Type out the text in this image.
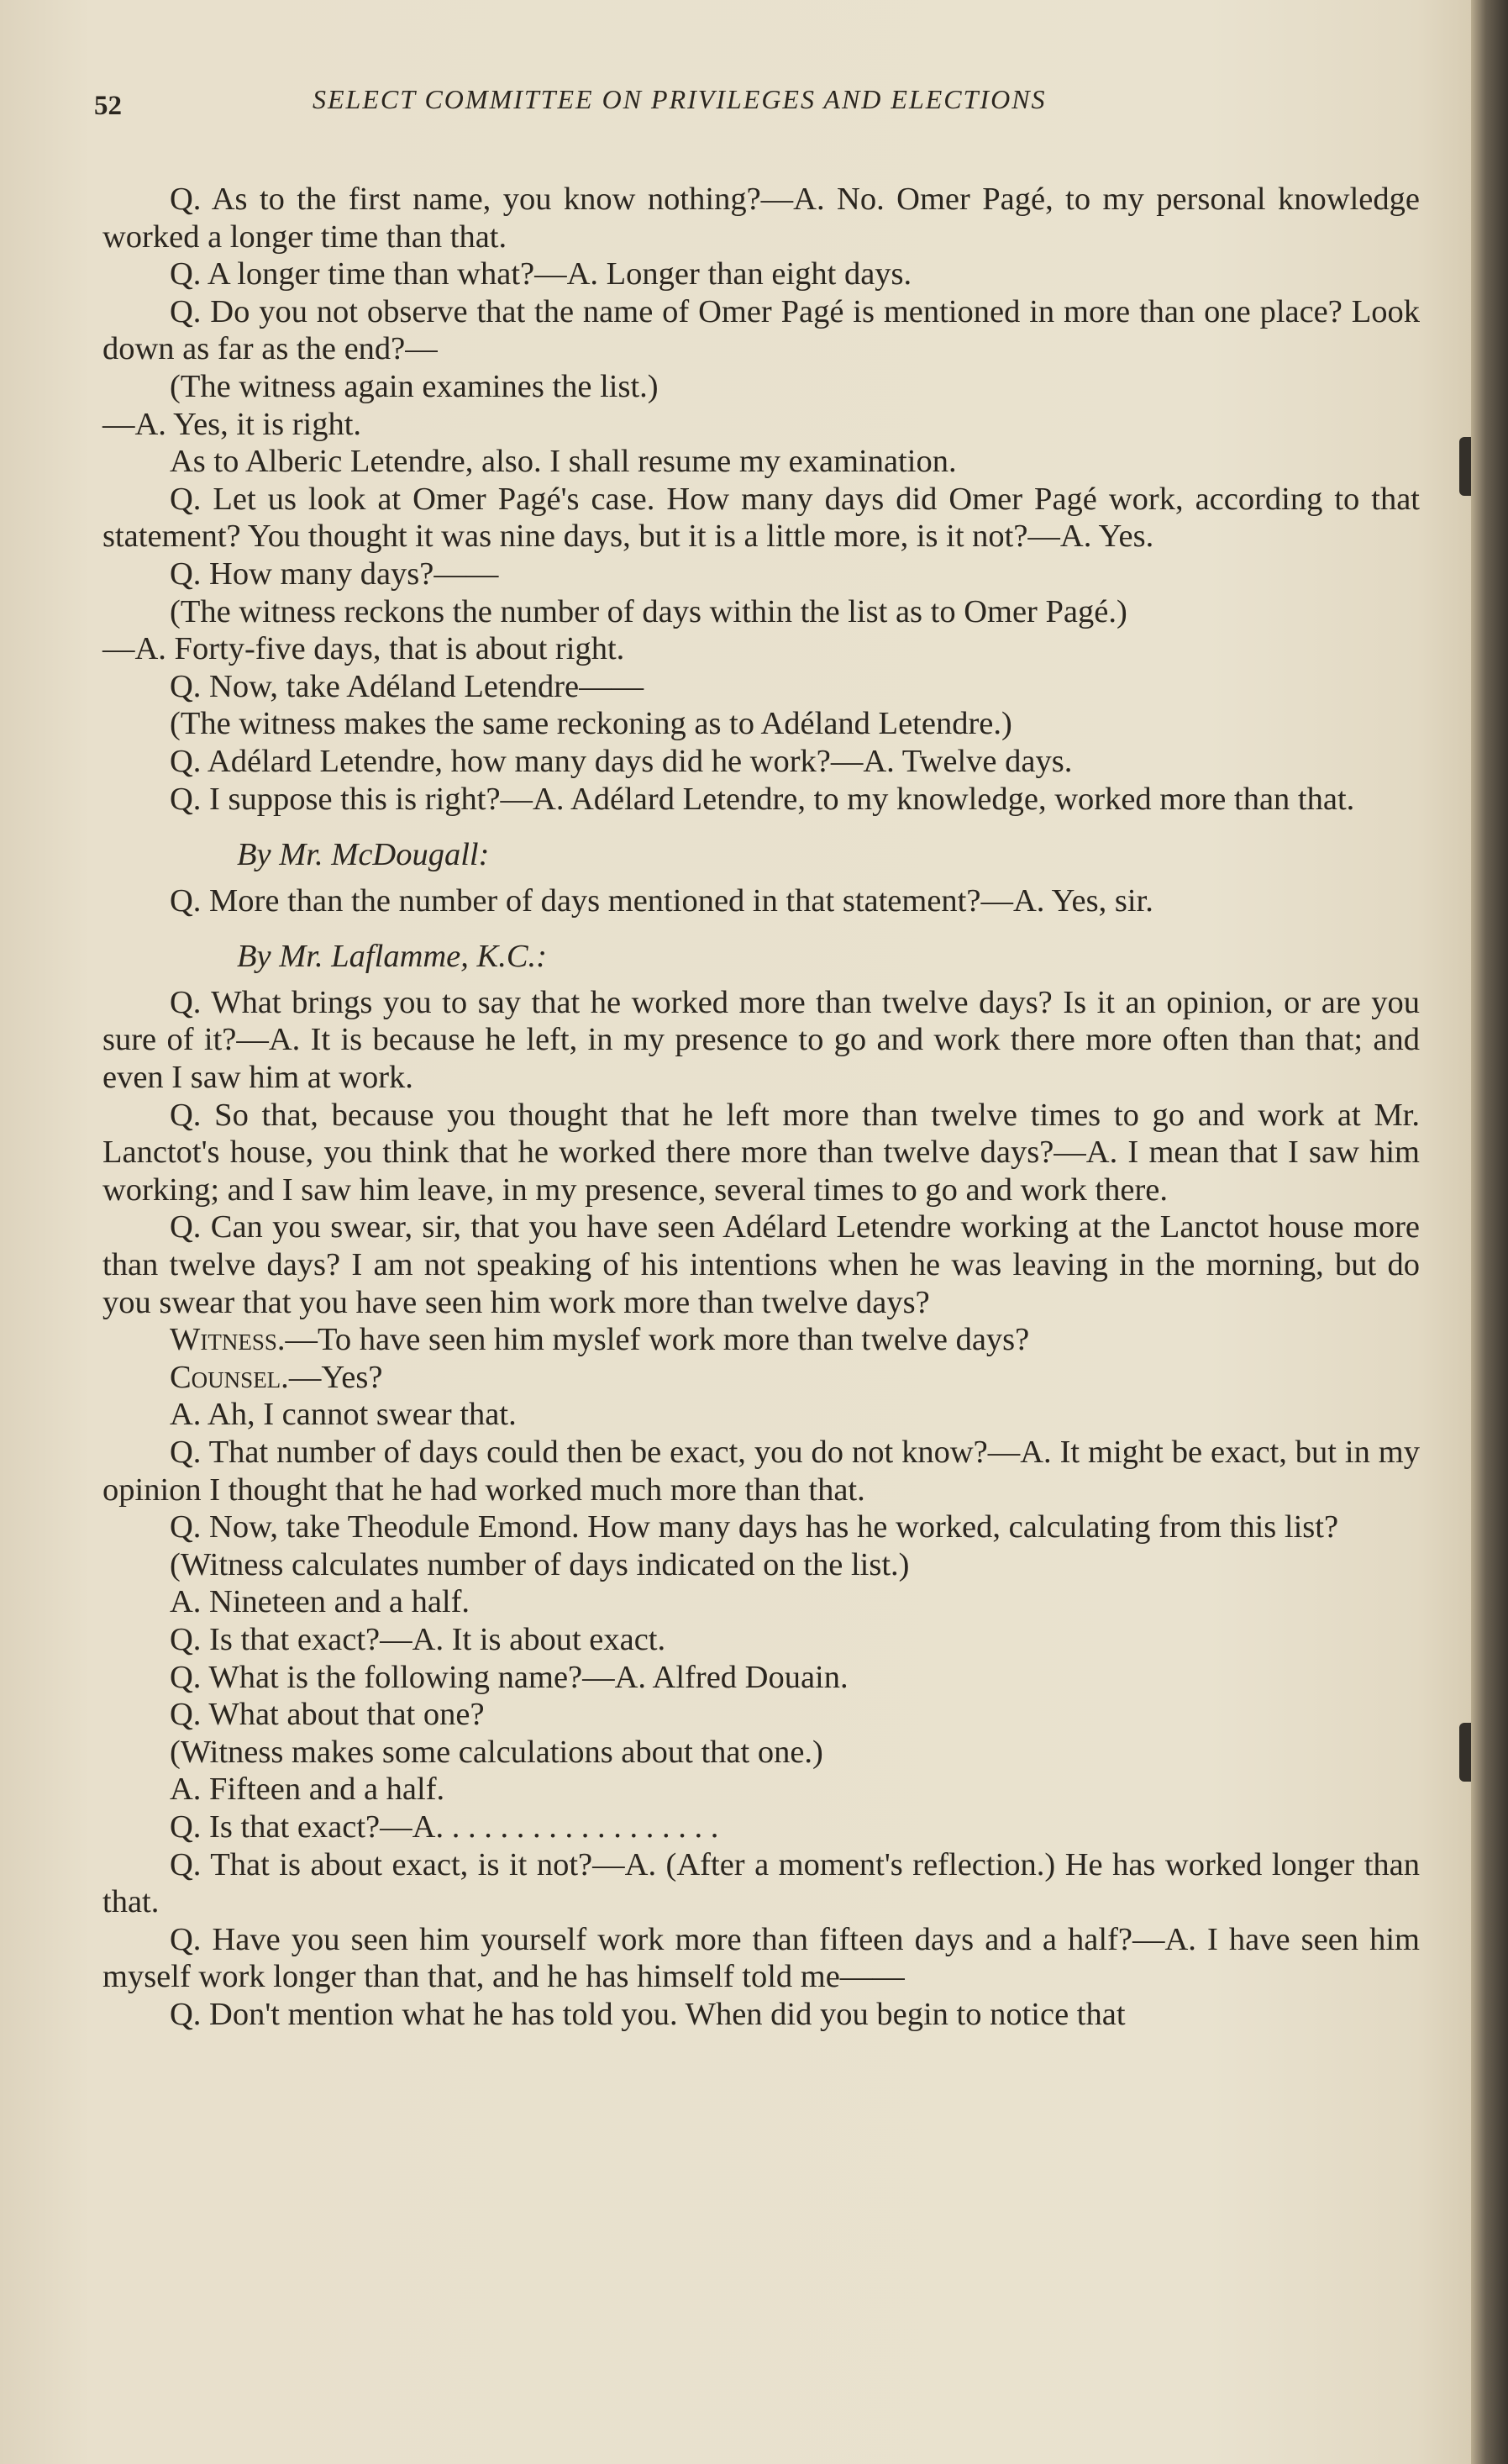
52	SELECT COMMITTEE ON PRIVILEGES AND ELECTIONS

Q. As to the first name, you know nothing?—A. No. Omer Pagé, to my personal knowledge worked a longer time than that.

Q. A longer time than what?—A. Longer than eight days.

Q. Do you not observe that the name of Omer Pagé is mentioned in more than one place? Look down as far as the end?—

(The witness again examines the list.)

—A. Yes, it is right.

As to Alberic Letendre, also. I shall resume my examination.

Q. Let us look at Omer Pagé's case. How many days did Omer Pagé work, according to that statement? You thought it was nine days, but it is a little more, is it not?—A. Yes.

Q. How many days?——

(The witness reckons the number of days within the list as to Omer Pagé.)

—A. Forty-five days, that is about right.

Q. Now, take Adéland Letendre——

(The witness makes the same reckoning as to Adéland Letendre.)

Q. Adélard Letendre, how many days did he work?—A. Twelve days.

Q. I suppose this is right?—A. Adélard Letendre, to my knowledge, worked more than that.

By Mr. McDougall:

Q. More than the number of days mentioned in that statement?—A. Yes, sir.

By Mr. Laflamme, K.C.:

Q. What brings you to say that he worked more than twelve days? Is it an opinion, or are you sure of it?—A. It is because he left, in my presence to go and work there more often than that; and even I saw him at work.

Q. So that, because you thought that he left more than twelve times to go and work at Mr. Lanctot's house, you think that he worked there more than twelve days?—A. I mean that I saw him working; and I saw him leave, in my presence, several times to go and work there.

Q. Can you swear, sir, that you have seen Adélard Letendre working at the Lanctot house more than twelve days? I am not speaking of his intentions when he was leaving in the morning, but do you swear that you have seen him work more than twelve days?

Witness.—To have seen him myslef work more than twelve days?

Counsel.—Yes?

A. Ah, I cannot swear that.

Q. That number of days could then be exact, you do not know?—A. It might be exact, but in my opinion I thought that he had worked much more than that.

Q. Now, take Theodule Emond. How many days has he worked, calculating from this list?

(Witness calculates number of days indicated on the list.)

A. Nineteen and a half.

Q. Is that exact?—A. It is about exact.

Q. What is the following name?—A. Alfred Douain.

Q. What about that one?

(Witness makes some calculations about that one.)

A. Fifteen and a half.

Q. Is that exact?—A. . . . . . . . . . . . . . . . . .

Q. That is about exact, is it not?—A. (After a moment's reflection.) He has worked longer than that.

Q. Have you seen him yourself work more than fifteen days and a half?—A. I have seen him myself work longer than that, and he has himself told me——

Q. Don't mention what he has told you. When did you begin to notice that
